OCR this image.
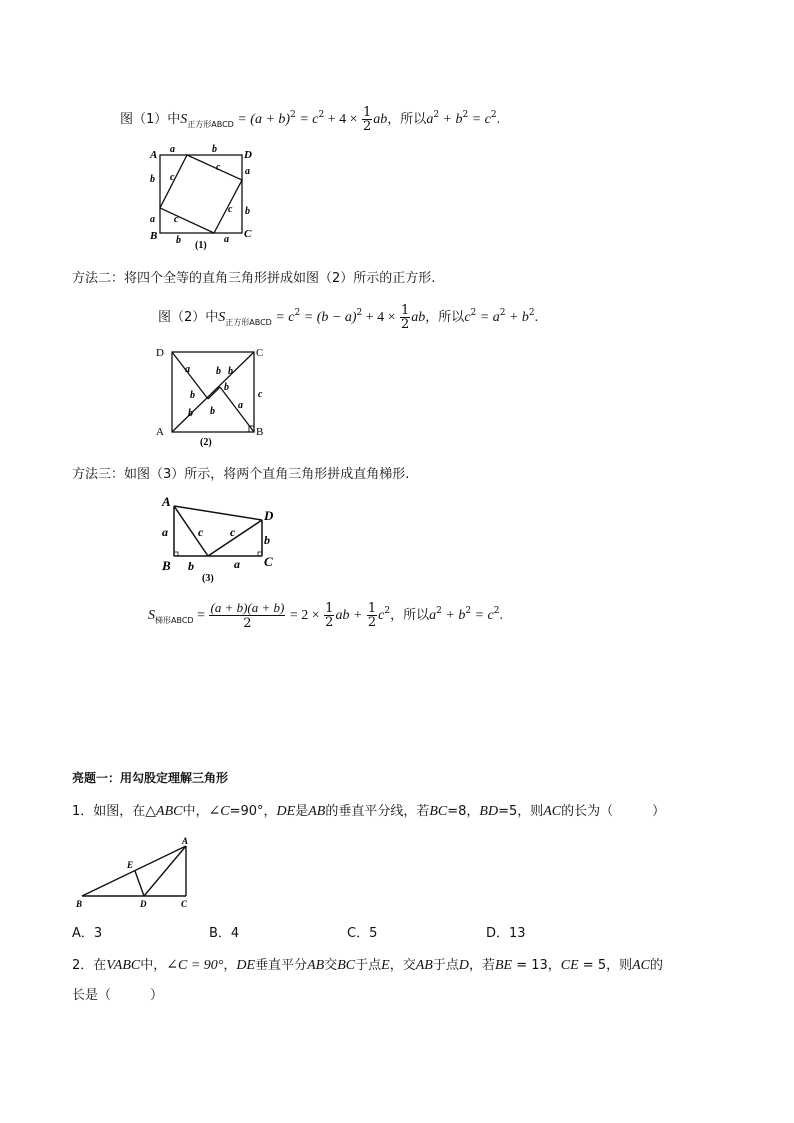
图（1）中$S_{正方形ABCD} = (a + b)^2 = c^2 + 4 \times \frac{1}{2}$ ab，所以$a^2 + b^2 = c^2$.
A	D
B	C
a	b
b
a
a
b
b	a
c
c
c
c
(1)
方法二：将四个全等的直角三角形拼成如图（2）所示的正方形.
图（2）中$S_{正方形ABCD} = c^2 = (b - a)^2 + 4 \times \frac{1}{2}$ ab，所以$c^2 = a^2 + b^2$.
D	C
A	B
a
a
c
b b
b
b
b b
(2)
方法三：如图（3）所示，将两个直角三角形拼成直角梯形.
A
D
B	C
a	c c
b
b	a
(3)
$S_{梯形ABCD} = \frac{(a + b)(a + b)}{2} = 2 \times \frac{1}{2}$ ab + $\frac{1}{2} c^2$，所以$a^2 + b^2 = c^2$.
亮题一：用勾股定理解三角形
1．如图，在△ABC中，∠C=90°，DE是AB的垂直平分线，若BC=8，BD=5，则AC的长为（　　　）
A
B	C
D
E
A．3	B．4	C．5	D．13
2．在VABC中，∠C = 90°，DE垂直平分AB交BC于点E，交AB于点D，若BE = 13，CE = 5，则AC的
长是（　　　）
